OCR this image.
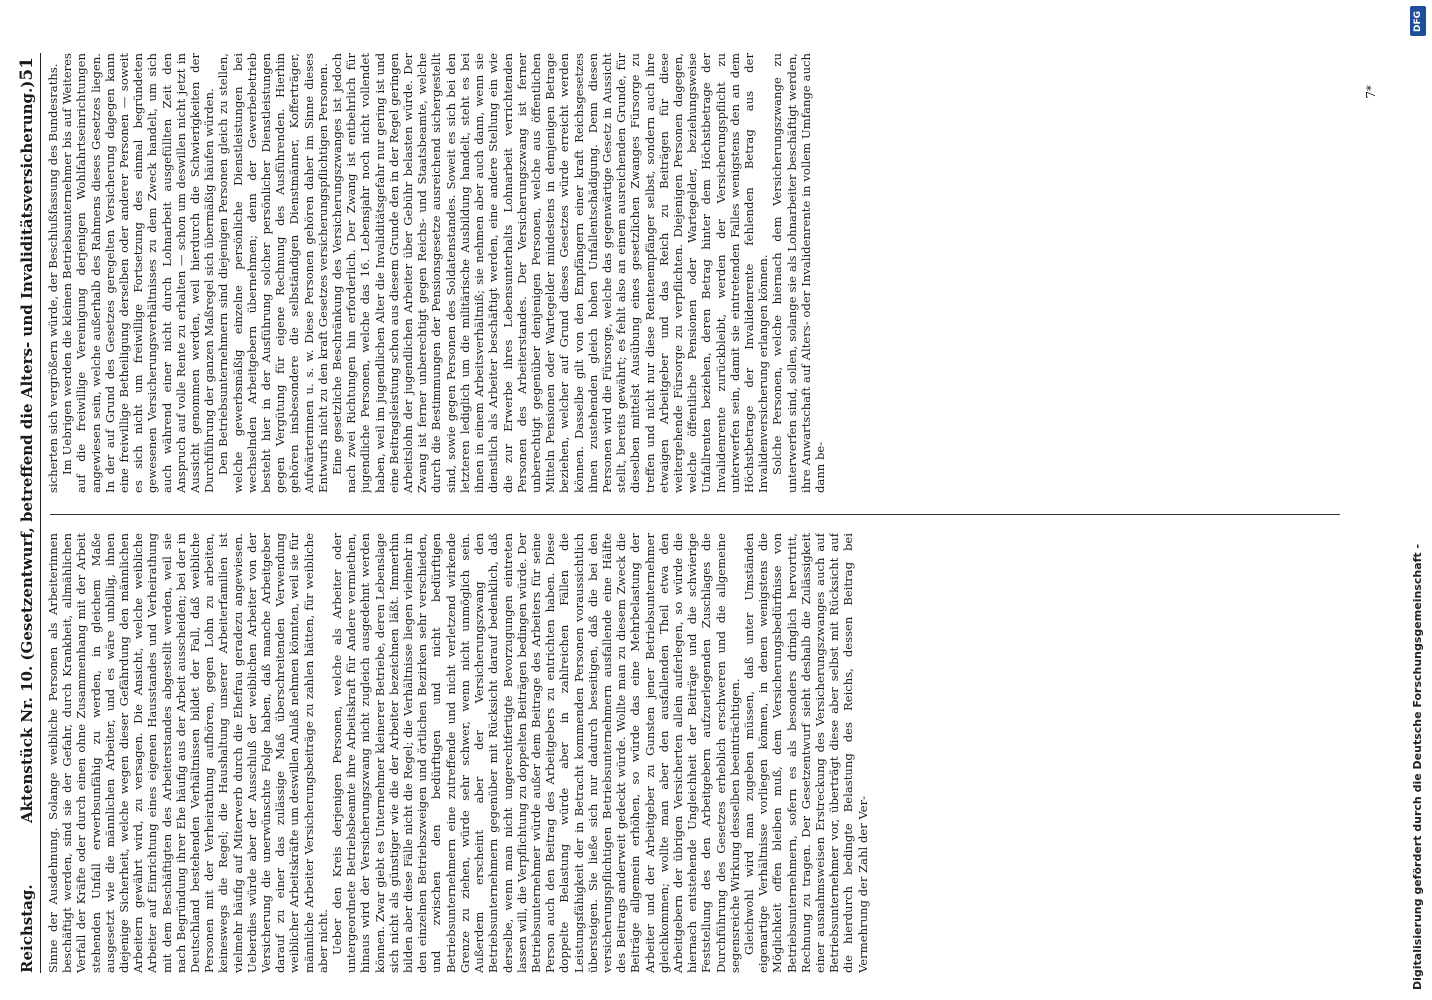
Reichstag.
Aktenstück Nr. 10. (Gesetzentwurf, betreffend die Alters- und Invaliditätsversicherung.)
51

Sinne der Ausdehnung. Solange weibliche Personen als Arbeiterinnen beschäftigt werden, sind sie der Gefahr, durch Krankheit, allmählichen Verfall der Kräfte oder durch einen ohne Zusammenhang mit der Arbeit stehenden Unfall erwerbsunfähig zu werden, in gleichem Maße ausgesetzt wie die männlichen Arbeiter, und es wäre unbillig, ihnen diejenige Sicherheit, welche wegen dieser Gefährdung den männlichen Arbeitern gewährt wird, zu versagen. Die Ansicht, welche weibliche Arbeiter auf Einrichtung eines eigenen Hausstandes und Verheirathung mit dem Beschäftigten des Arbeiterstandes abgestellt werden, weil sie nach Begründung ihrer Ehe häufig aus der Arbeit ausscheiden; bei der in Deutschland bestehenden Verhältnissen bildet der Fall, daß weibliche Personen mit der Verheirathung aufhören, gegen Lohn zu arbeiten, keineswegs die Regel; die Haushaltung unserer Arbeiterfamilien ist vielmehr häufig auf Miterwerb durch die Ehefrau geradezu angewiesen. Ueberdies würde aber der Ausschluß der weiblichen Arbeiter von der Versicherung die unerwünschte Folge haben, daß manche Arbeitgeber darauf zu einer das zulässige Maß überschreitenden Verwendung weiblicher Arbeitskräfte um deswillen Anlaß nehmen könnten, weil sie für männliche Arbeiter Versicherungsbeiträge zu zahlen hätten, für weibliche aber nicht. Ueber den Kreis derjenigen Personen, welche als Arbeiter oder untergeordnete Betriebsbeamte ihre Arbeitskraft für Andere vermiethen, hinaus wird der Versicherungszwang nicht zugleich ausgedehnt werden können. Zwar giebt es Unternehmer kleinerer Betriebe, deren Lebenslage sich nicht als günstiger wie die der Arbeiter bezeichnen läßt. Immerhin bilden aber diese Fälle nicht die Regel; die Verhältnisse liegen vielmehr in den einzelnen Betriebszweigen und örtlichen Bezirken sehr verschieden, und zwischen den bedürftigen und nicht bedürftigen Betriebsunternehmern eine zutreffende und nicht verletzend wirkende Grenze zu ziehen, würde sehr schwer, wenn nicht unmöglich sein. Außerdem erscheint aber der Versicherungszwang den Betriebsunternehmern gegenüber mit Rücksicht darauf bedenklich, daß derselbe, wenn man nicht ungerechtfertigte Bevorzugungen eintreten lassen will, die Verpflichtung zu doppelten Beiträgen bedingen würde. Der Betriebsunternehmer würde außer dem Beitrage des Arbeiters für seine Person auch den Beitrag des Arbeitgebers zu entrichten haben. Diese doppelte Belastung würde aber in zahlreichen Fällen die Leistungsfähigkeit der in Betracht kommenden Personen voraussichtlich übersteigen. Sie ließe sich nur dadurch beseitigen, daß die bei den versicherungspflichtigen Betriebsunternehmern ausfallende eine Hälfte des Beitrags anderweit gedeckt würde. Wollte man zu diesem Zweck die Beiträge allgemein erhöhen, so würde das eine Mehrbelastung der Arbeiter und der Arbeitgeber zu Gunsten jener Betriebsunternehmer gleichkommen; wollte man aber den ausfallenden Theil etwa den Arbeitgebern der übrigen Versicherten allein auferlegen, so würde die hiernach entstehende Ungleichheit der Beiträge und die schwierige Feststellung des den Arbeitgebern aufzuerlegenden Zuschlages die Durchführung des Gesetzes erheblich erschweren und die allgemeine segensreiche Wirkung desselben beeinträchtigen. Gleichwohl wird man zugeben müssen, daß unter Umständen eigenartige Verhältnisse vorliegen können, in denen wenigstens die Möglichkeit offen bleiben muß, dem Versicherungsbedürfnisse von Betriebsunternehmern, sofern es als besonders dringlich hervortritt, Rechnung zu tragen. Der Gesetzentwurf sieht deshalb die Zulässigkeit einer ausnahmsweisen Erstreckung des Versicherungszwanges auch auf Betriebsunternehmer vor, überträgt diese aber selbst mit Rücksicht auf die hierdurch bedingte Belastung des Reichs, dessen Beitrag bei Vermehrung der Zahl der Ver-

sicherten sich vergrößern würde, der Beschlußfassung des Bundesraths. Im Uebrigen werden die kleinen Betriebsunternehmer bis auf Weiteres auf die freiwillige Vereinigung derjenigen Wohlfahrtseinrichtungen angewiesen sein, welche außerhalb des Rahmens dieses Gesetzes liegen. In der auf Grund des Gesetzes geregelten Versicherung dagegen kann eine freiwillige Betheiligung derselben oder anderer Personen — soweit es sich nicht um freiwillige Fortsetzung des einmal begründeten gewesenen Versicherungsverhältnisses zu dem Zweck handelt, um sich auch während einer nicht durch Lohnarbeit ausgefüllten Zeit den Anspruch auf volle Rente zu erhalten — schon um deswillen nicht jetzt in Aussicht genommen werden, weil hierdurch die Schwierigkeiten der Durchführung der ganzen Maßregel sich übermäßig häufen würden. Den Betriebsunternehmern sind diejenigen Personen gleich zu stellen, welche gewerbsmäßig einzelne persönliche Dienstleistungen bei wechselnden Arbeitgebern übernehmen; denn der Gewerbebetrieb besteht hier in der Ausführung solcher persönlicher Dienstleistungen gegen Vergütung für eigene Rechnung des Ausführenden. Hierhin gehören insbesondere die selbständigen Dienstmänner, Kofferträger, Aufwärterinnen u. s. w. Diese Personen gehören daher im Sinne dieses Entwurfs nicht zu den kraft Gesetzes versicherungspflichtigen Personen. Eine gesetzliche Beschränkung des Versicherungszwanges ist jedoch nach zwei Richtungen hin erforderlich. Der Zwang ist entbehrlich für jugendliche Personen, welche das 16. Lebensjahr noch nicht vollendet haben, weil im jugendlichen Alter die Invaliditätsgefahr nur gering ist und eine Beitragsleistung schon aus diesem Grunde den in der Regel geringen Arbeitslohn der jugendlichen Arbeiter über Gebühr belasten würde. Der Zwang ist ferner unberechtigt gegen Reichs- und Staatsbeamte, welche durch die Bestimmungen der Pensionsgesetze ausreichend sichergestellt sind, sowie gegen Personen des Soldatenstandes. Soweit es sich bei den letzteren lediglich um die militärische Ausbildung handelt, steht es bei ihnen in einem Arbeitsverhältniß; sie nehmen aber auch dann, wenn sie dienstlich als Arbeiter beschäftigt werden, eine andere Stellung ein wie die zur Erwerbe ihres Lebensunterhalts Lohnarbeit verrichtenden Personen des Arbeiterstandes. Der Versicherungszwang ist ferner unberechtigt gegenüber denjenigen Personen, welche aus öffentlichen Mitteln Pensionen oder Wartegelder mindestens in demjenigen Betrage beziehen, welcher auf Grund dieses Gesetzes würde erreicht werden können. Dasselbe gilt von den Empfängern einer kraft Reichsgesetzes ihnen zustehenden gleich hohen Unfallentschädigung. Denn diesen Personen wird die Fürsorge, welche das gegenwärtige Gesetz in Aussicht stellt, bereits gewährt; es fehlt also an einem ausreichenden Grunde, für dieselben mittelst Ausübung eines gesetzlichen Zwanges Fürsorge zu treffen und nicht nur diese Rentenempfänger selbst, sondern auch ihre etwaigen Arbeitgeber und das Reich zu Beiträgen für diese weitergehende Fürsorge zu verpflichten. Diejenigen Personen dagegen, welche öffentliche Pensionen oder Wartegelder, beziehungsweise Unfallrenten beziehen, deren Betrag hinter dem Höchstbetrage der Invalidenrente zurückbleibt, werden der Versicherungspflicht zu unterwerfen sein, damit sie eintretenden Falles wenigstens den an dem Höchstbetrage der Invalidenrente fehlenden Betrag aus der Invalidenversicherung erlangen können. Solche Personen, welche hiernach dem Versicherungszwange zu unterwerfen sind, sollen, solange sie als Lohnarbeiter beschäftigt werden, ihre Anwartschaft auf Alters- oder Invalidenrente in vollem Umfange auch dann be-

7*
Digitalisierung gefördert durch die Deutsche Forschungsgemeinschaft -
DFG
